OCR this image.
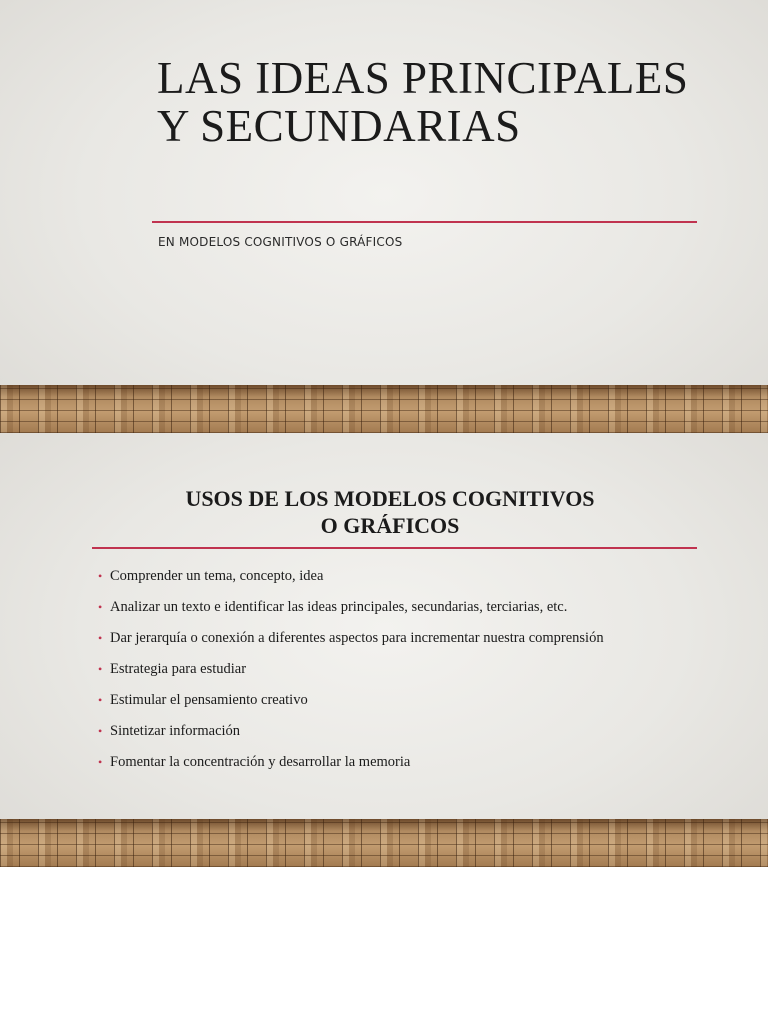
LAS IDEAS PRINCIPALES Y SECUNDARIAS

EN MODELOS COGNITIVOS O GRÁFICOS

USOS DE LOS MODELOS COGNITIVOS
O GRÁFICOS
• Comprender un tema, concepto, idea
• Analizar un texto e identificar las ideas principales, secundarias, terciarias, etc.
• Dar jerarquía o conexión a diferentes aspectos para incrementar nuestra comprensión
• Estrategia para estudiar
• Estimular el pensamiento creativo
• Sintetizar información
• Fomentar la concentración y desarrollar la memoria
